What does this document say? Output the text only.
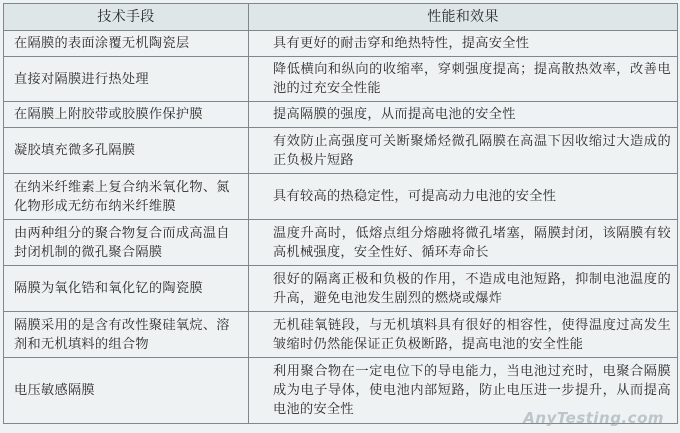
技术手段	性能和效果
在隔膜的表面涂覆无机陶瓷层	具有更好的耐击穿和绝热特性，提高安全性
直接对隔膜进行热处理	降低横向和纵向的收缩率，穿刺强度提高；提高散热效率，改善电池的过充安全性能
在隔膜上附胶带或胶膜作保护膜	提高隔膜的强度，从而提高电池的安全性
凝胶填充微多孔隔膜	有效防止高强度可关断聚烯烃微孔隔膜在高温下因收缩过大造成的正负极片短路
在纳米纤维素上复合纳米氧化物、氮化物形成无纺布纳米纤维膜	具有较高的热稳定性，可提高动力电池的安全性
由两种组分的聚合物复合而成高温自封闭机制的微孔聚合隔膜	温度升高时，低熔点组分熔融将微孔堵塞，隔膜封闭，该隔膜有较高机械强度，安全性好、循环寿命长
隔膜为氧化锆和氧化钇的陶瓷膜	很好的隔离正极和负极的作用，不造成电池短路，抑制电池温度的升高，避免电池发生剧烈的燃烧或爆炸
隔膜采用的是含有改性聚硅氧烷、溶剂和无机填料的组合物	无机硅氧链段，与无机填料具有很好的相容性，使得温度过高发生皱缩时仍然能保证正负极断路，提高电池的安全性能
电压敏感隔膜	利用聚合物在一定电位下的导电能力，当电池过充时，电聚合隔膜成为电子导体，使电池内部短路，防止电压进一步提升，从而提高电池的安全性	AnyTesting.com
